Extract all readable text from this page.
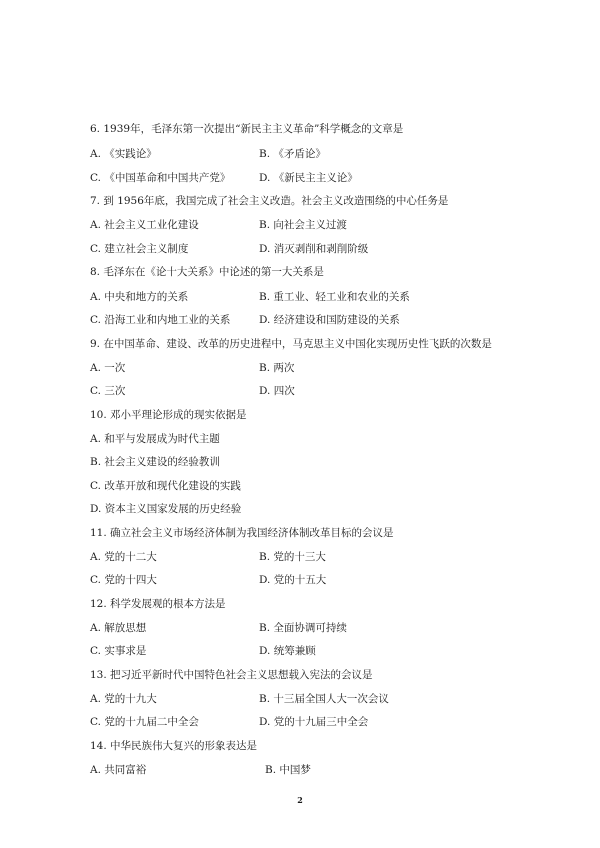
6. 1939年，毛泽东第一次提出“新民主主义革命”科学概念的文章是
A. 《实践论》	B. 《矛盾论》
C. 《中国革命和中国共产党》	D. 《新民主主义论》
7. 到 1956年底，我国完成了社会主义改造。社会主义改造围绕的中心任务是
A. 社会主义工业化建设	B. 向社会主义过渡
C. 建立社会主义制度	D. 消灭剥削和剥削阶级
8. 毛泽东在《论十大关系》中论述的第一大关系是
A. 中央和地方的关系	B. 重工业、轻工业和农业的关系
C. 沿海工业和内地工业的关系	D. 经济建设和国防建设的关系
9. 在中国革命、建设、改革的历史进程中，马克思主义中国化实现历史性飞跃的次数是
A. 一次	B. 两次
C. 三次	D. 四次
10. 邓小平理论形成的现实依据是
A. 和平与发展成为时代主题
B. 社会主义建设的经验教训
C. 改革开放和现代化建设的实践
D. 资本主义国家发展的历史经验
11. 确立社会主义市场经济体制为我国经济体制改革目标的会议是
A. 党的十二大	B. 党的十三大
C. 党的十四大	D. 党的十五大
12. 科学发展观的根本方法是
A. 解放思想	B. 全面协调可持续
C. 实事求是	D. 统筹兼顾
13. 把习近平新时代中国特色社会主义思想载入宪法的会议是
A. 党的十九大	B. 十三届全国人大一次会议
C. 党的十九届二中全会	D. 党的十九届三中全会
14. 中华民族伟大复兴的形象表达是
A. 共同富裕	B. 中国梦
2
